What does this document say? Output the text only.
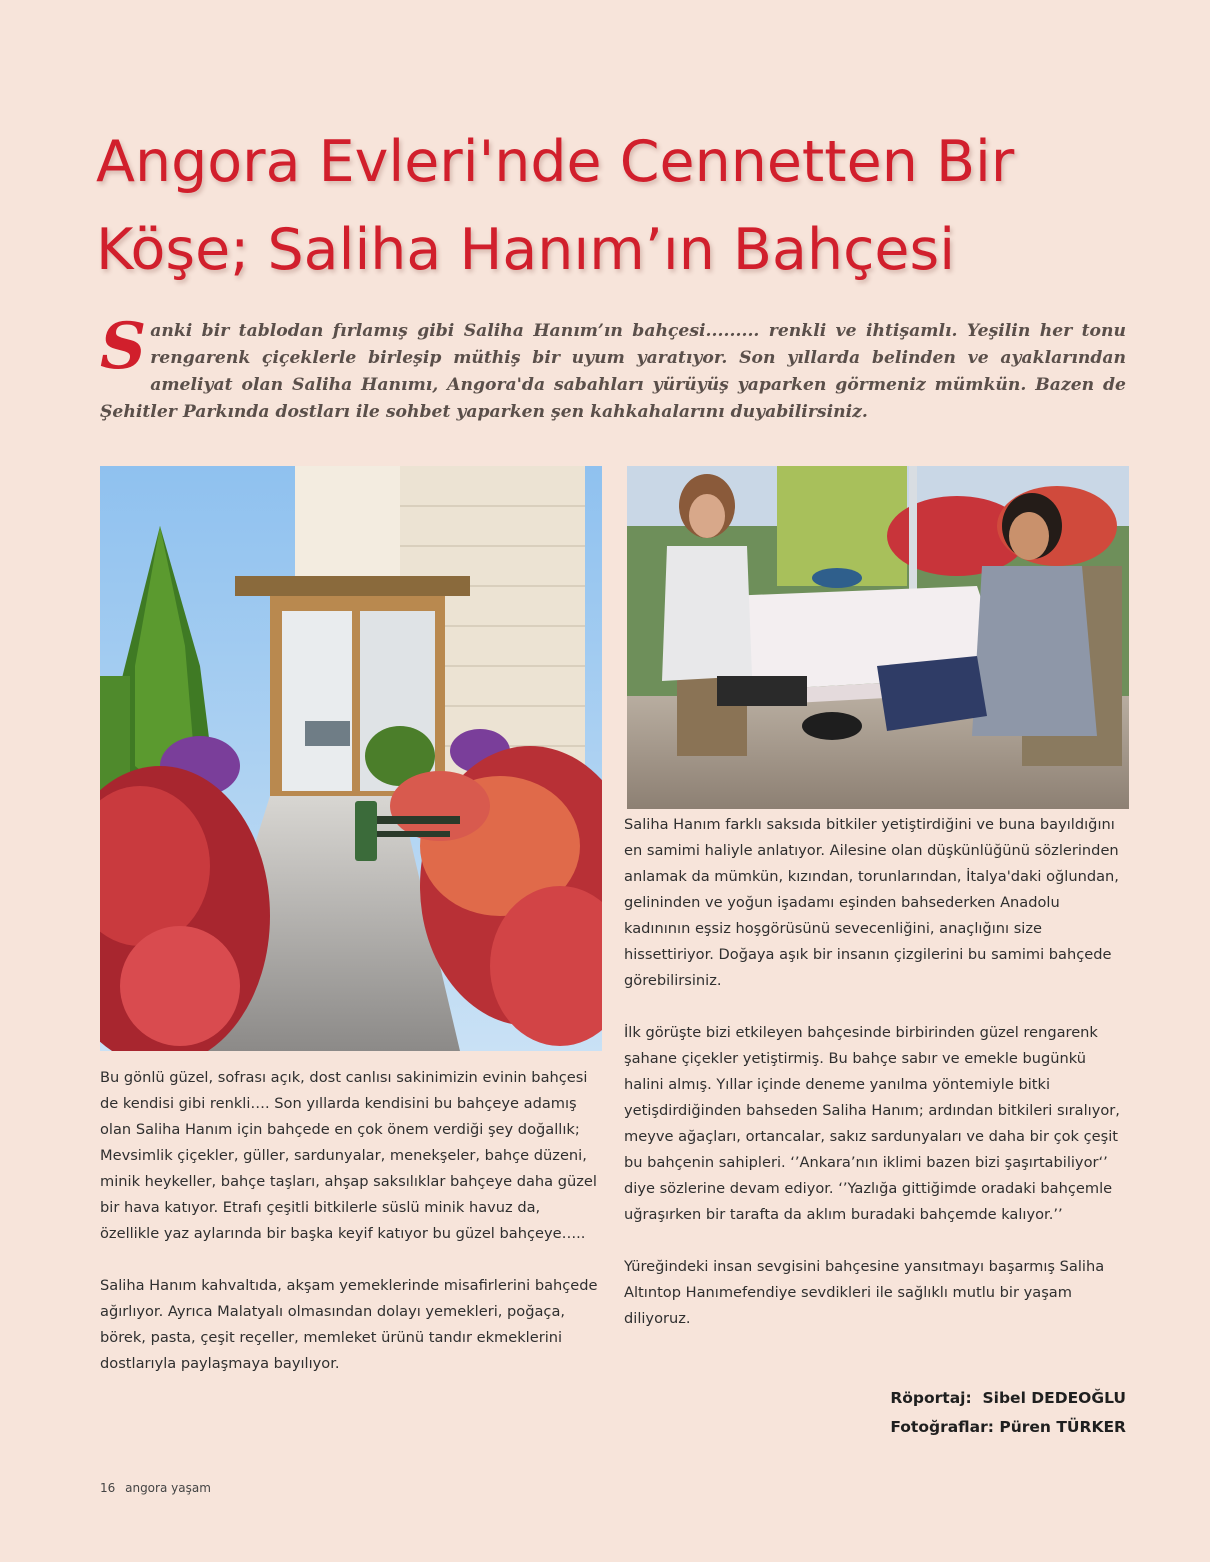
Angora Evleri'nde Cennetten Bir
Köşe; Saliha Hanım’ın Bahçesi

Sanki bir tablodan fırlamış gibi Saliha Hanım’ın bahçesi......... renkli ve ihtişamlı. Yeşilin her tonu rengarenk çiçeklerle birleşip müthiş bir uyum yaratıyor. Son yıllarda belinden ve ayaklarından ameliyat olan Saliha Hanımı, Angora'da sabahları yürüyüş yaparken görmeniz mümkün. Bazen de Şehitler Parkında dostları ile sohbet yaparken şen kahkahalarını duyabilirsiniz.

Bu gönlü güzel, sofrası açık, dost canlısı sakinimizin evinin bahçesi de kendisi gibi renkli…. Son yıllarda kendisini bu bahçeye adamış olan Saliha Hanım için bahçede en çok önem verdiği şey doğallık; Mevsimlik çiçekler, güller, sardunyalar, menekşeler, bahçe düzeni, minik heykeller, bahçe taşları, ahşap saksılıklar bahçeye daha güzel bir hava katıyor. Etrafı çeşitli bitkilerle süslü minik havuz da, özellikle yaz aylarında bir başka keyif katıyor bu güzel bahçeye…..

Saliha Hanım kahvaltıda, akşam yemeklerinde misafirlerini bahçede ağırlıyor. Ayrıca Malatyalı olmasından dolayı yemekleri, poğaça, börek, pasta, çeşit reçeller, memleket ürünü tandır ekmeklerini dostlarıyla paylaşmaya bayılıyor.

Saliha Hanım farklı saksıda bitkiler yetiştirdiğini ve buna bayıldığını en samimi haliyle anlatıyor. Ailesine olan düşkünlüğünü sözlerinden anlamak da mümkün, kızından, torunlarından, İtalya'daki oğlundan, gelininden ve yoğun işadamı eşinden bahsederken Anadolu kadınının eşsiz hoşgörüsünü sevecenliğini, anaçlığını size hissettiriyor. Doğaya aşık bir insanın çizgilerini bu samimi bahçede görebilirsiniz.

İlk görüşte bizi etkileyen bahçesinde birbirinden güzel rengarenk şahane çiçekler yetiştirmiş. Bu bahçe sabır ve emekle bugünkü halini almış. Yıllar içinde deneme yanılma yöntemiyle bitki yetişdirdiğinden bahseden Saliha Hanım; ardından bitkileri sıralıyor, meyve ağaçları, ortancalar, sakız sardunyaları ve daha bir çok çeşit bu bahçenin sahipleri. ‘’Ankara’nın iklimi bazen bizi şaşırtabiliyor‘’ diye sözlerine devam ediyor. ‘’Yazlığa gittiğimde oradaki bahçemle uğraşırken bir tarafta da aklım buradaki bahçemde kalıyor.’’

Yüreğindeki insan sevgisini bahçesine yansıtmayı başarmış Saliha Altıntop Hanımefendiye sevdikleri ile sağlıklı mutlu bir yaşam diliyoruz.

Röportaj: Sibel DEDEOĞLU
Fotoğraflar: Püren TÜRKER
16 angora yaşam
